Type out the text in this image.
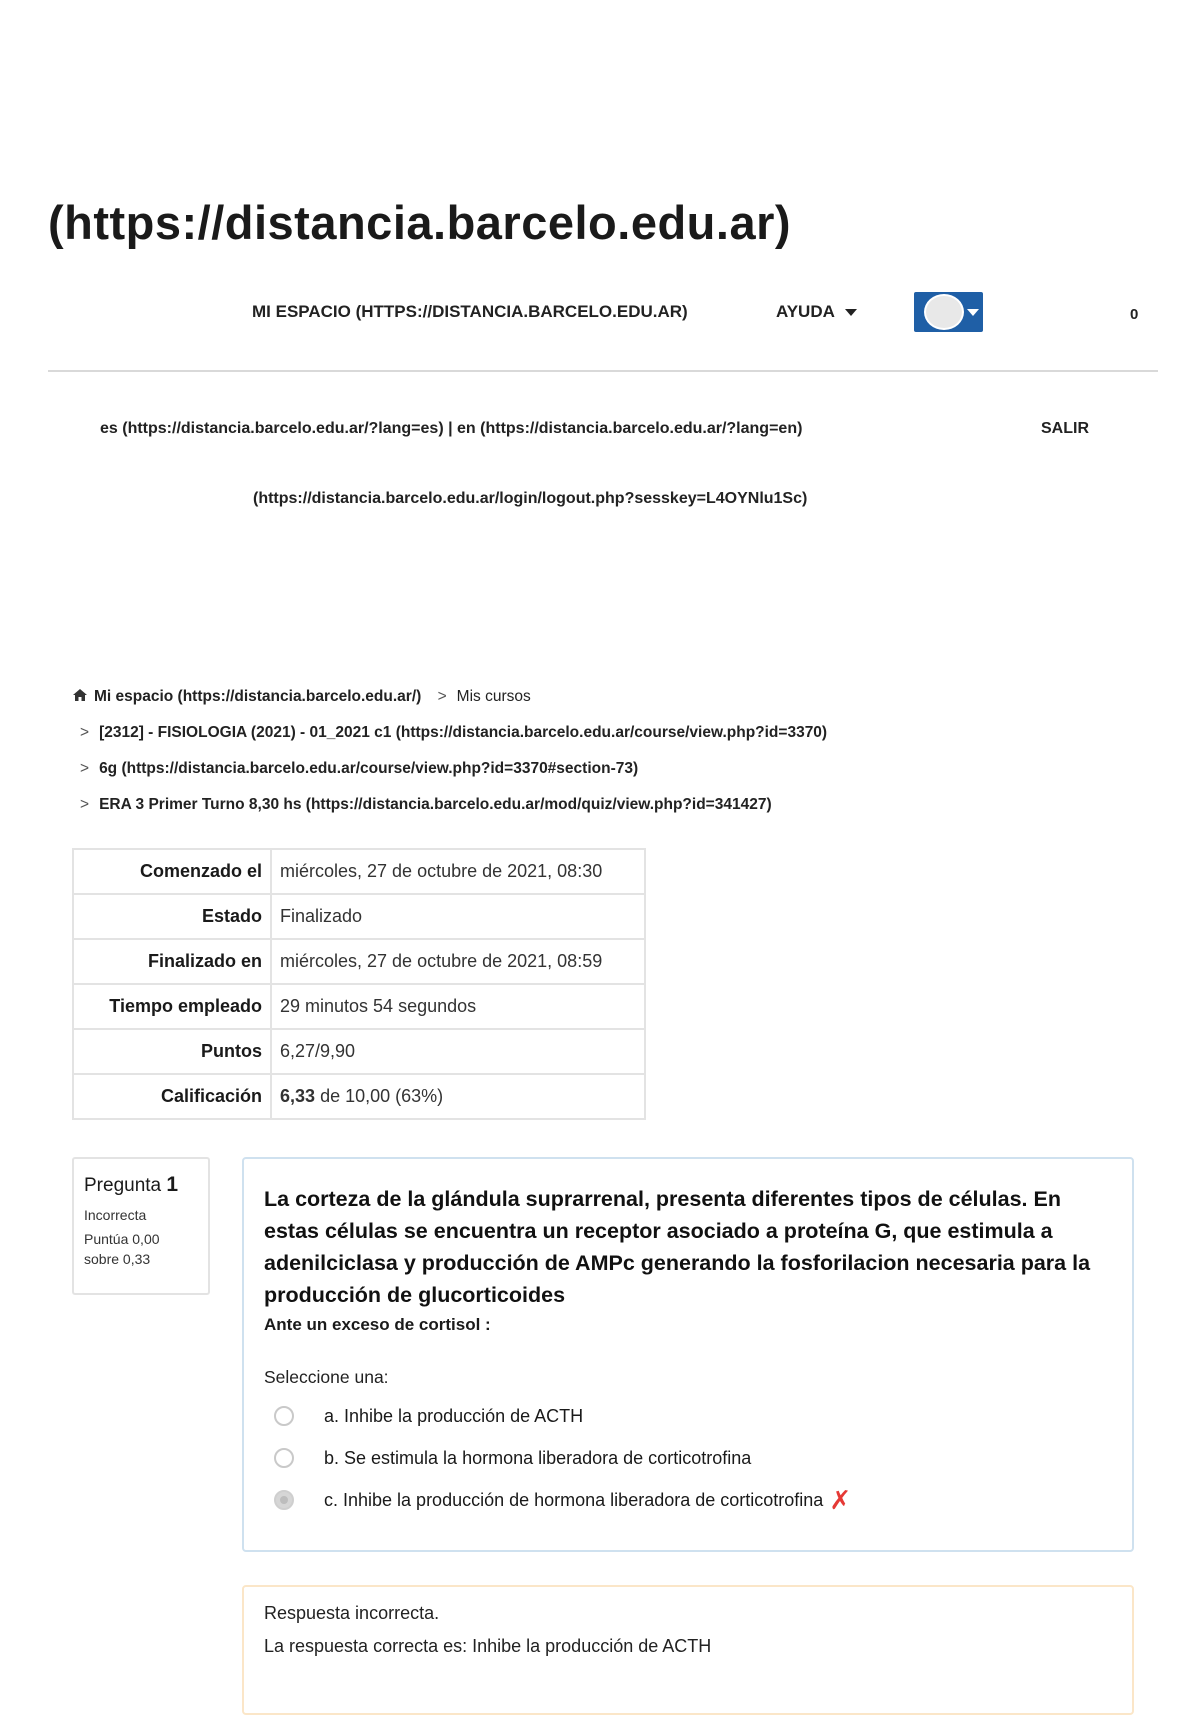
(https://distancia.barcelo.edu.ar)
MI ESPACIO (HTTPS://DISTANCIA.BARCELO.EDU.AR)	AYUDA	0
es (https://distancia.barcelo.edu.ar/?lang=es) | en (https://distancia.barcelo.edu.ar/?lang=en)	SALIR
(https://distancia.barcelo.edu.ar/login/logout.php?sesskey=L4OYNlu1Sc)
Mi espacio (https://distancia.barcelo.edu.ar/) > Mis cursos
> [2312] - FISIOLOGIA (2021) - 01_2021 c1 (https://distancia.barcelo.edu.ar/course/view.php?id=3370)
> 6g (https://distancia.barcelo.edu.ar/course/view.php?id=3370#section-73)
> ERA 3 Primer Turno 8,30 hs (https://distancia.barcelo.edu.ar/mod/quiz/view.php?id=341427)
Comenzado el	miércoles, 27 de octubre de 2021, 08:30
Estado	Finalizado
Finalizado en	miércoles, 27 de octubre de 2021, 08:59
Tiempo empleado	29 minutos 54 segundos
Puntos	6,27/9,90
Calificación	6,33 de 10,00 (63%)
Pregunta 1
Incorrecta
Puntúa 0,00 sobre 0,33
La corteza de la glándula suprarrenal, presenta diferentes tipos de células. En estas células se encuentra un receptor asociado a proteína G, que estimula a adenilciclasa y producción de AMPc generando la fosforilacion necesaria para la producción de glucorticoides
Ante un exceso de cortisol :
Seleccione una:
a. Inhibe la producción de ACTH
b. Se estimula la hormona liberadora de corticotrofina
c. Inhibe la producción de hormona liberadora de corticotrofina ✗
Respuesta incorrecta.
La respuesta correcta es: Inhibe la producción de ACTH
